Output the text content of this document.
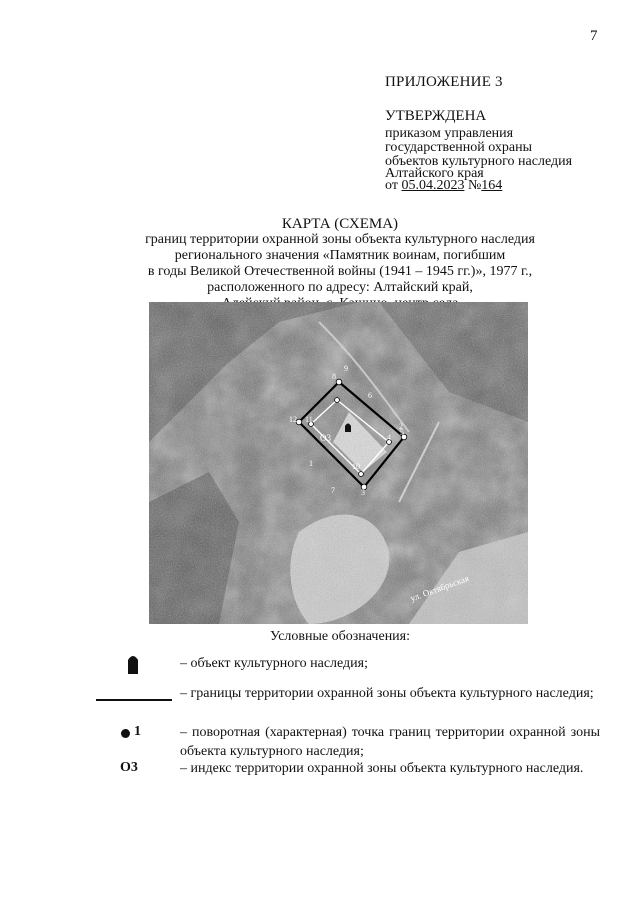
7
ПРИЛОЖЕНИЕ 3
УТВЕРЖДЕНА
приказом управления
государственной охраны
объектов культурного наследия
Алтайского края
от 05.04.2023 №164
КАРТА (СХЕМА)
границ территории охранной зоны объекта культурного наследия
регионального значения «Памятник воинам, погибшим
в годы Великой Отечественной войны (1941 – 1945 гг.)», 1977 г.,
расположенного по адресу: Алтайский край,
8
6
5
4
3
10
12 11
О3
1
9
2
7
ул. Октябрьская
Условные обозначения:
– объект культурного наследия;
– границы территории охранной зоны объекта культурного наследия;
1	– поворотная (характерная) точка границ территории охранной зоны объекта культурного наследия;
О3	– индекс территории охранной зоны объекта культурного наследия.
